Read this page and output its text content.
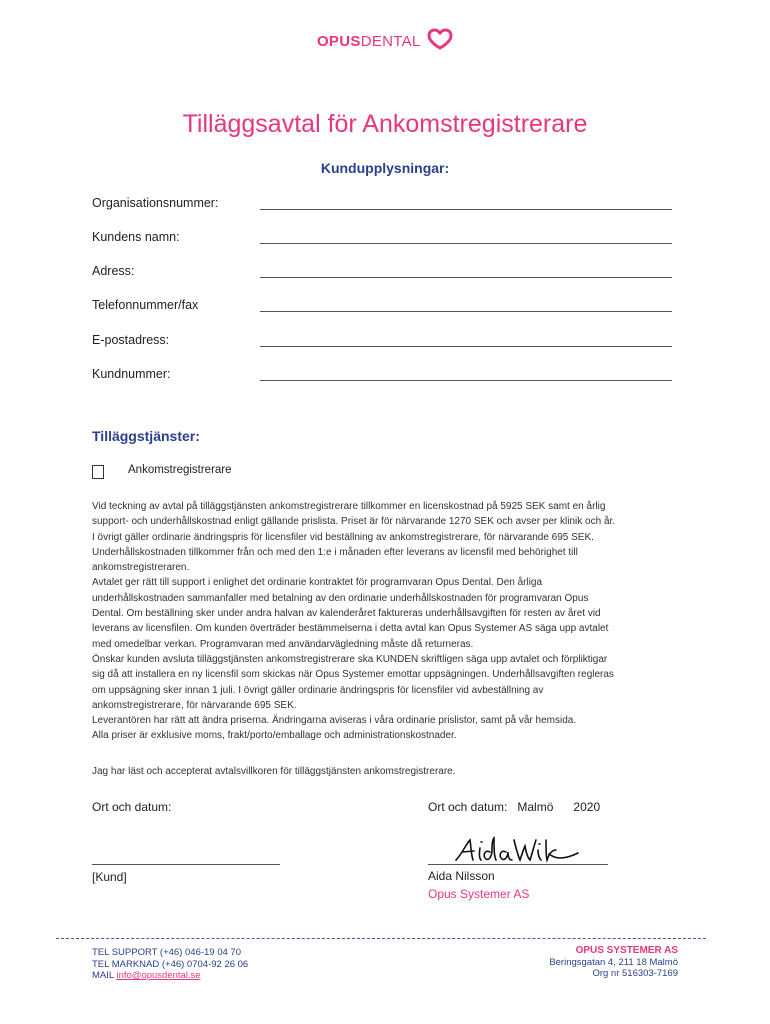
OPUSDENTAL
Tilläggsavtal för Ankomstregistrerare
Kundupplysningar:
Organisationsnummer:
Kundens namn:
Adress:
Telefonnummer/fax
E-postadress:
Kundnummer:
Tilläggstjänster:
Ankomstregistrerare
Vid teckning av avtal på tilläggstjänsten ankomstregistrerare tillkommer en licenskostnad på 5925 SEK samt en årlig
support- och underhållskostnad enligt gällande prislista. Priset är för närvarande 1270 SEK och avser per klinik och år.
I övrigt gäller ordinarie ändringspris för licensfiler vid beställning av ankomstregistrerare, för närvarande 695 SEK.
Underhållskostnaden tillkommer från och med den 1:e i månaden efter leverans av licensfil med behörighet till
ankomstregistreraren.
Avtalet ger rätt till support i enlighet det ordinarie kontraktet för programvaran Opus Dental. Den årliga
underhållskostnaden sammanfaller med betalning av den ordinarie underhållskostnaden för programvaran Opus
Dental. Om beställning sker under andra halvan av kalenderåret faktureras underhållsavgiften för resten av året vid
leverans av licensfilen. Om kunden överträder bestämmelserna i detta avtal kan Opus Systemer AS säga upp avtalet
med omedelbar verkan. Programvaran med användarvägledning måste då returneras.
Önskar kunden avsluta tilläggstjänsten ankomstregistrerare ska KUNDEN skriftligen säga upp avtalet och förpliktigar
sig då att installera en ny licensfil som skickas när Opus Systemer emottar uppsägningen. Underhållsavgiften regleras
om uppsägning sker innan 1 juli. I övrigt gäller ordinarie ändringspris för licensfiler vid avbeställning av
ankomstregistrerare, för närvarande 695 SEK.
Leverantören har rätt att ändra priserna. Ändringarna aviseras i våra ordinarie prislistor, samt på vår hemsida.
Alla priser är exklusive moms, frakt/porto/emballage och administrationskostnader.
Jag har läst och accepterat avtalsvillkoren för tilläggstjänsten ankomstregistrerare.
Ort och datum:	Ort och datum: Malmö 2020
[Kund]	Aida Nilsson
Opus Systemer AS
TEL SUPPORT (+46) 046-19 04 70
TEL MARKNAD (+46) 0704-92 26 06
MAIL info@opusdental.se
OPUS SYSTEMER AS
Beringsgatan 4, 211 18 Malmö
Org nr 516303-7169
